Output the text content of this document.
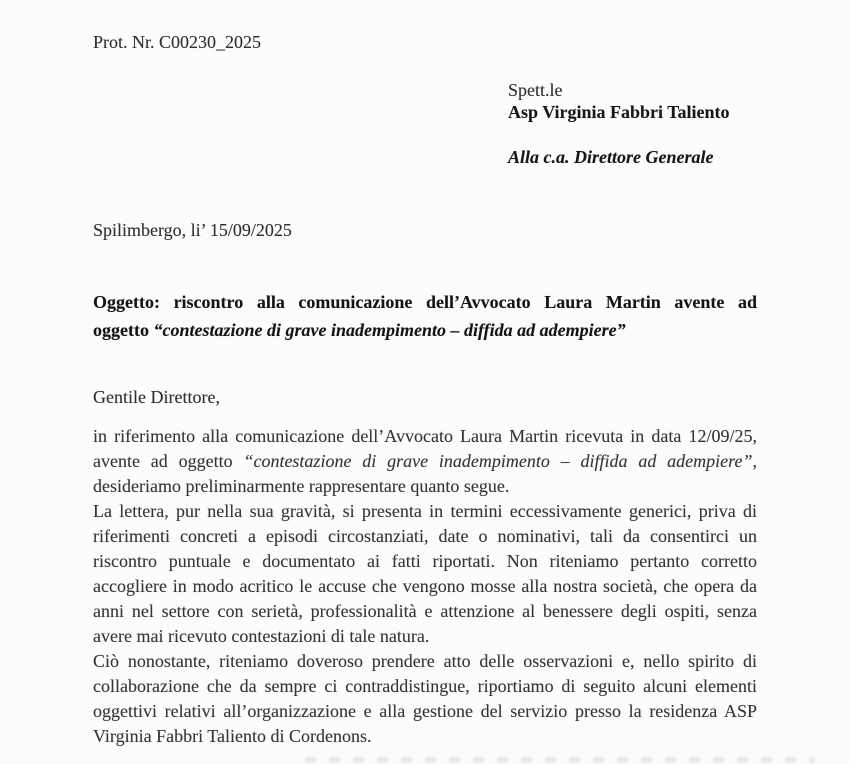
Prot. Nr. C00230_2025
Spett.le
Asp Virginia Fabbri Taliento
Alla c.a. Direttore Generale
Spilimbergo, li’ 15/09/2025
Oggetto: riscontro alla comunicazione dell’Avvocato Laura Martin avente ad
oggetto “contestazione di grave inadempimento – diffida ad adempiere”
Gentile Direttore,

in riferimento alla comunicazione dell’Avvocato Laura Martin ricevuta in data 12/09/25, avente ad oggetto “contestazione di grave inadempimento – diffida ad adempiere”, desideriamo preliminarmente rappresentare quanto segue.

La lettera, pur nella sua gravità, si presenta in termini eccessivamente generici, priva di riferimenti concreti a episodi circostanziati, date o nominativi, tali da consentirci un riscontro puntuale e documentato ai fatti riportati. Non riteniamo pertanto corretto accogliere in modo acritico le accuse che vengono mosse alla nostra società, che opera da anni nel settore con serietà, professionalità e attenzione al benessere degli ospiti, senza avere mai ricevuto contestazioni di tale natura.

Ciò nonostante, riteniamo doveroso prendere atto delle osservazioni e, nello spirito di collaborazione che da sempre ci contraddistingue, riportiamo di seguito alcuni elementi oggettivi relativi all’organizzazione e alla gestione del servizio presso la residenza ASP Virginia Fabbri Taliento di Cordenons.
